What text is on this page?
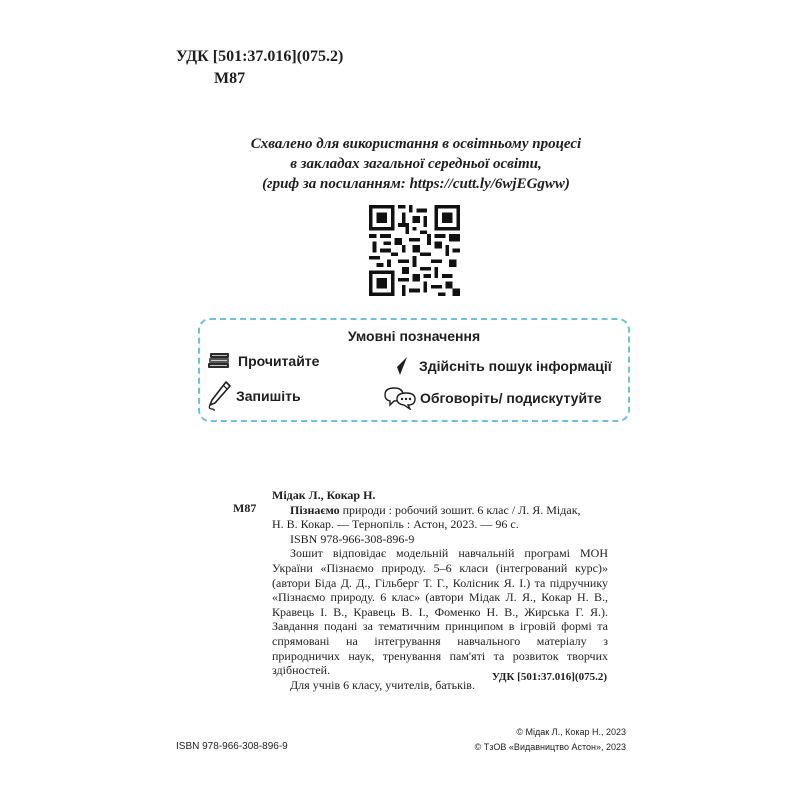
УДК [501:37.016](075.2)
М87
Схвалено для використання в освітньому процесі
в закладах загальної середньої освіти,
(гриф за посиланням: https://cutt.ly/6wjEGgww)
Умовні позначення
Прочитайте	Здійсніть пошук інформації
Запишіть	Обговоріть/ подискутуйте
М87

Мідак Л., Кокар Н.

Пізнаємо природи : робочий зошит. 6 клас / Л. Я. Мідак,

Н. В. Кокар. — Тернопіль : Астон, 2023. — 96 с.

ISBN 978-966-308-896-9

Зошит відповідає модельній навчальній програмі МОН України «Пізнаємо природу. 5–6 класи (інтегрований курс)» (автори Біда Д. Д., Гільберг Т. Г., Колісник Я. І.) та підручнику «Пізнаємо природу. 6 клас» (автори Мідак Л. Я., Кокар Н. В., Кравець І. В., Кравець В. І., Фоменко Н. В., Жирська Г. Я.). Завдання подані за тематичним принципом в ігровій формі та спрямовані на інтегрування навчального матеріалу з природничих наук, тренування пам'яті та розвиток творчих здібностей.

Для учнів 6 класу, учителів, батьків.

УДК [501:37.016](075.2)
ISBN 978-966-308-896-9
© Мідак Л., Кокар Н., 2023
© ТзОВ «Видавництво Астон», 2023
